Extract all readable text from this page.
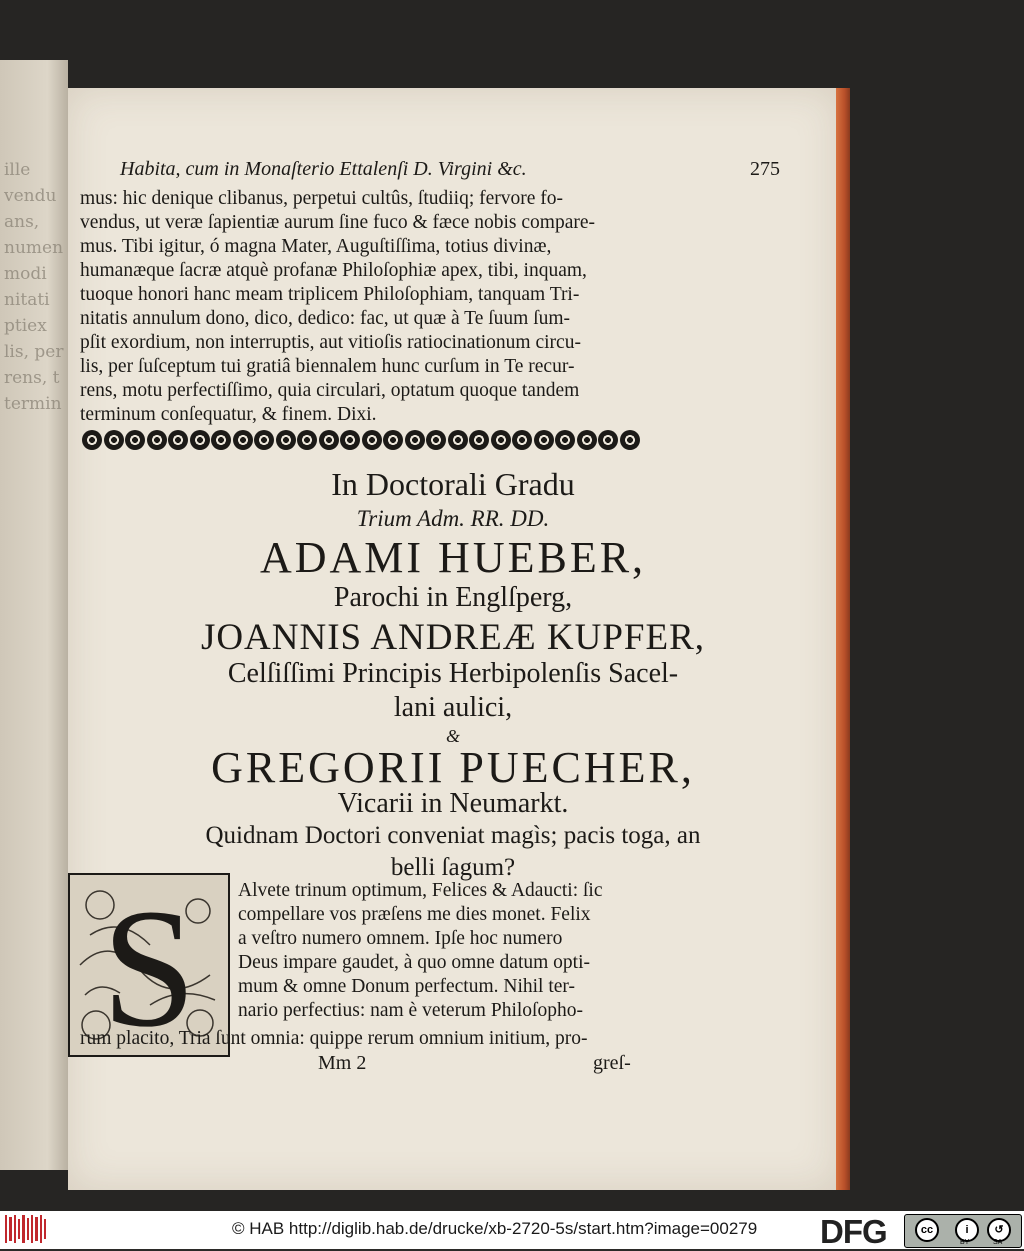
ille
vendu
ans,
numen
modi
nitati
ptiex
lis, per
rens, t
termin
Habita, cum in Monaſterio Ettalenſi D. Virgini &c.	275
mus: hic denique clibanus, perpetui cultûs, ſtudiiq; fervore fo-
vendus, ut veræ ſapientiæ aurum ſine fuco & fæce nobis compare-
mus. Tibi igitur, ó magna Mater, Auguſtiſſima, totius divinæ,
humanæque ſacræ atquè profanæ Philoſophiæ apex, tibi, inquam,
tuoque honori hanc meam triplicem Philoſophiam, tanquam Tri-
nitatis annulum dono, dico, dedico: fac, ut quæ à Te ſuum ſum-
pſit exordium, non interruptis, aut vitioſis ratiocinationum circu-
lis, per ſuſceptum tui gratiâ biennalem hunc curſum in Te recur-
rens, motu perfectiſſimo, quia circulari, optatum quoque tandem
terminum conſequatur, & finem. Dixi.
In Doctorali Gradu
Trium Adm. RR. DD.
ADAMI HUEBER,
Parochi in Englſperg,
JOANNIS ANDREÆ KUPFER,
Celſiſſimi Principis Herbipolenſis Sacel-
lani aulici,
&
GREGORII PUECHER,
Vicarii in Neumarkt.
Quidnam Doctori conveniat magìs; pacis toga, an
belli ſagum?
S Alvete trinum optimum, Felices & Adaucti: ſic
compellare vos præſens me dies monet. Felix
a veſtro numero omnem. Ipſe hoc numero
Deus impare gaudet, à quo omne datum opti-
mum & omne Donum perfectum. Nihil ter-
nario perfectius: nam è veterum Philoſopho-
rum placito, Tria ſunt omnia: quippe rerum omnium initium, pro-
Mm 2	greſ-
© HAB http://diglib.hab.de/drucke/xb-2720-5s/start.htm?image=00279 DFG	cc	i	↺
BY	SA
